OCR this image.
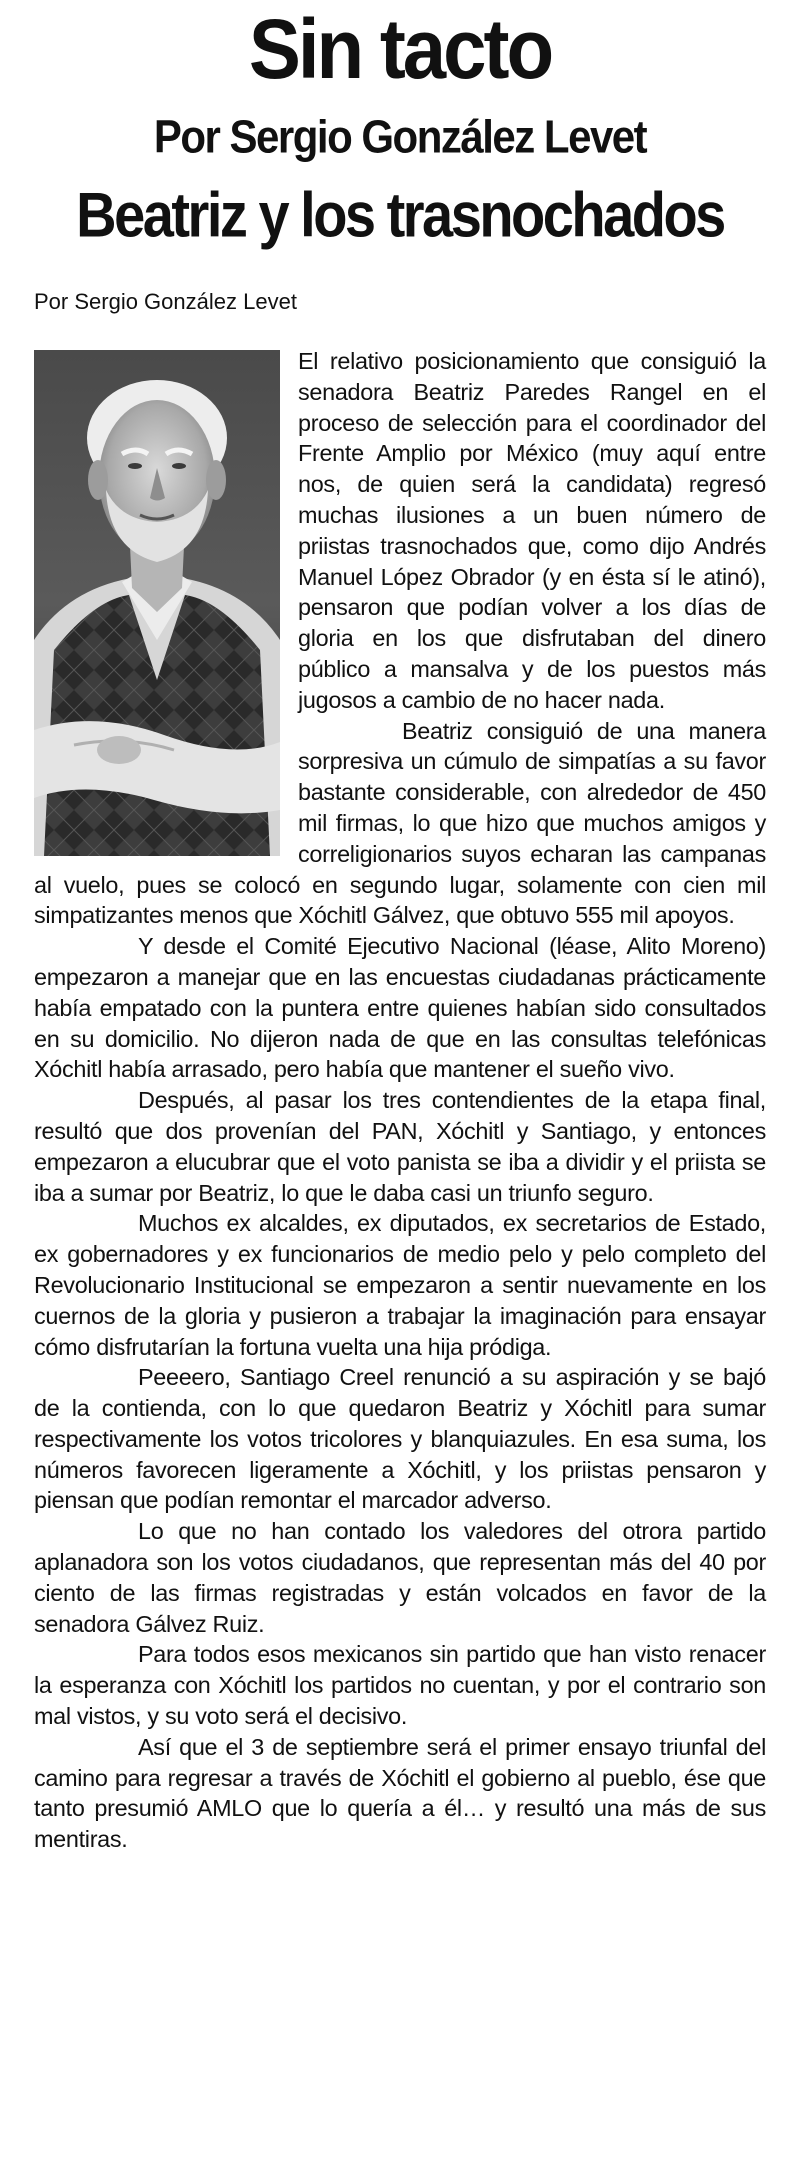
Sin tacto
Por Sergio González Levet
Beatriz y los trasnochados
Por Sergio González Levet

El relativo posicionamiento que consiguió la senadora Beatriz Paredes Rangel en el proceso de selección para el coordinador del Frente Amplio por México (muy aquí entre nos, de quien será la candidata) regresó muchas ilusiones a un buen número de priistas trasnochados que, como dijo Andrés Manuel López Obrador (y en ésta sí le atinó), pensaron que podían volver a los días de gloria en los que disfrutaban del dinero público a mansalva y de los puestos más jugosos a cambio de no hacer nada.

Beatriz consiguió de una manera sorpresiva un cúmulo de simpatías a su favor bastante considerable, con alrededor de 450 mil firmas, lo que hizo que muchos amigos y correligionarios suyos echaran las campanas al vuelo, pues se colocó en segundo lugar, solamente con cien mil simpatizantes menos que Xóchitl Gálvez, que obtuvo 555 mil apoyos.

Y desde el Comité Ejecutivo Nacional (léase, Alito Moreno) empezaron a manejar que en las encuestas ciudadanas prácticamente había empatado con la puntera entre quienes habían sido consultados en su domicilio. No dijeron nada de que en las consultas telefónicas Xóchitl había arrasado, pero había que mantener el sueño vivo.

Después, al pasar los tres contendientes de la etapa final, resultó que dos provenían del PAN, Xóchitl y Santiago, y entonces empezaron a elucubrar que el voto panista se iba a dividir y el priista se iba a sumar por Beatriz, lo que le daba casi un triunfo seguro.

Muchos ex alcaldes, ex diputados, ex secretarios de Estado, ex gobernadores y ex funcionarios de medio pelo y pelo completo del Revolucionario Institucional se empezaron a sentir nuevamente en los cuernos de la gloria y pusieron a trabajar la imaginación para ensayar cómo disfrutarían la fortuna vuelta una hija pródiga.

Peeeero, Santiago Creel renunció a su aspiración y se bajó de la contienda, con lo que quedaron Beatriz y Xóchitl para sumar respectivamente los votos tricolores y blanquiazules. En esa suma, los números favorecen ligeramente a Xóchitl, y los priistas pensaron y piensan que podían remontar el marcador adverso.

Lo que no han contado los valedores del otrora partido aplanadora son los votos ciudadanos, que representan más del 40 por ciento de las firmas registradas y están volcados en favor de la senadora Gálvez Ruiz.

Para todos esos mexicanos sin partido que han visto renacer la esperanza con Xóchitl los partidos no cuentan, y por el contrario son mal vistos, y su voto será el decisivo.

Así que el 3 de septiembre será el primer ensayo triunfal del camino para regresar a través de Xóchitl el gobierno al pueblo, ése que tanto presumió AMLO que lo quería a él… y resultó una más de sus mentiras.
